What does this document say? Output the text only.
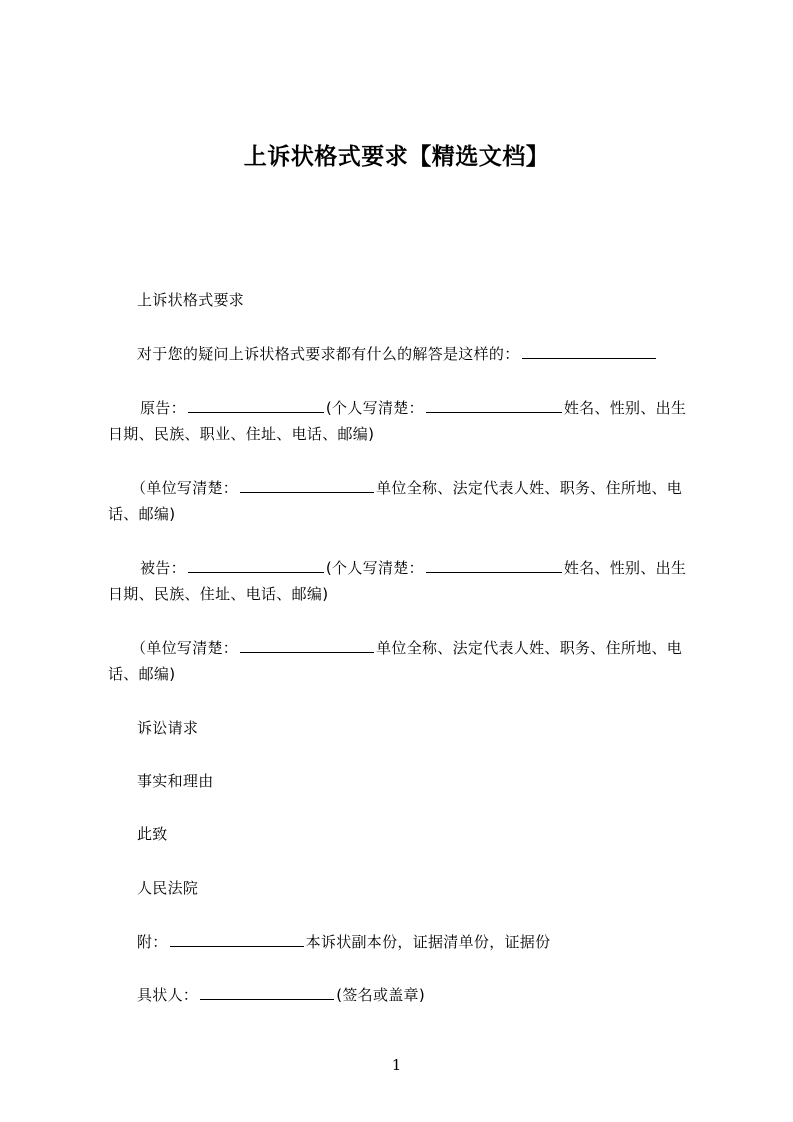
上诉状格式要求【精选文档】
上诉状格式要求
对于您的疑问上诉状格式要求都有什么的解答是这样的：
原告：	(个人写清楚：	姓名、性别、出生
日期、民族、职业、住址、电话、邮编)
（单位写清楚：	单位全称、法定代表人姓、职务、住所地、电
话、邮编)
被告：	(个人写清楚：	姓名、性别、出生
日期、民族、住址、电话、邮编)
（单位写清楚：	单位全称、法定代表人姓、职务、住所地、电
话、邮编)
诉讼请求
事实和理由
此致
人民法院
附：	本诉状副本份，证据清单份，证据份
具状人：	(签名或盖章)
1
